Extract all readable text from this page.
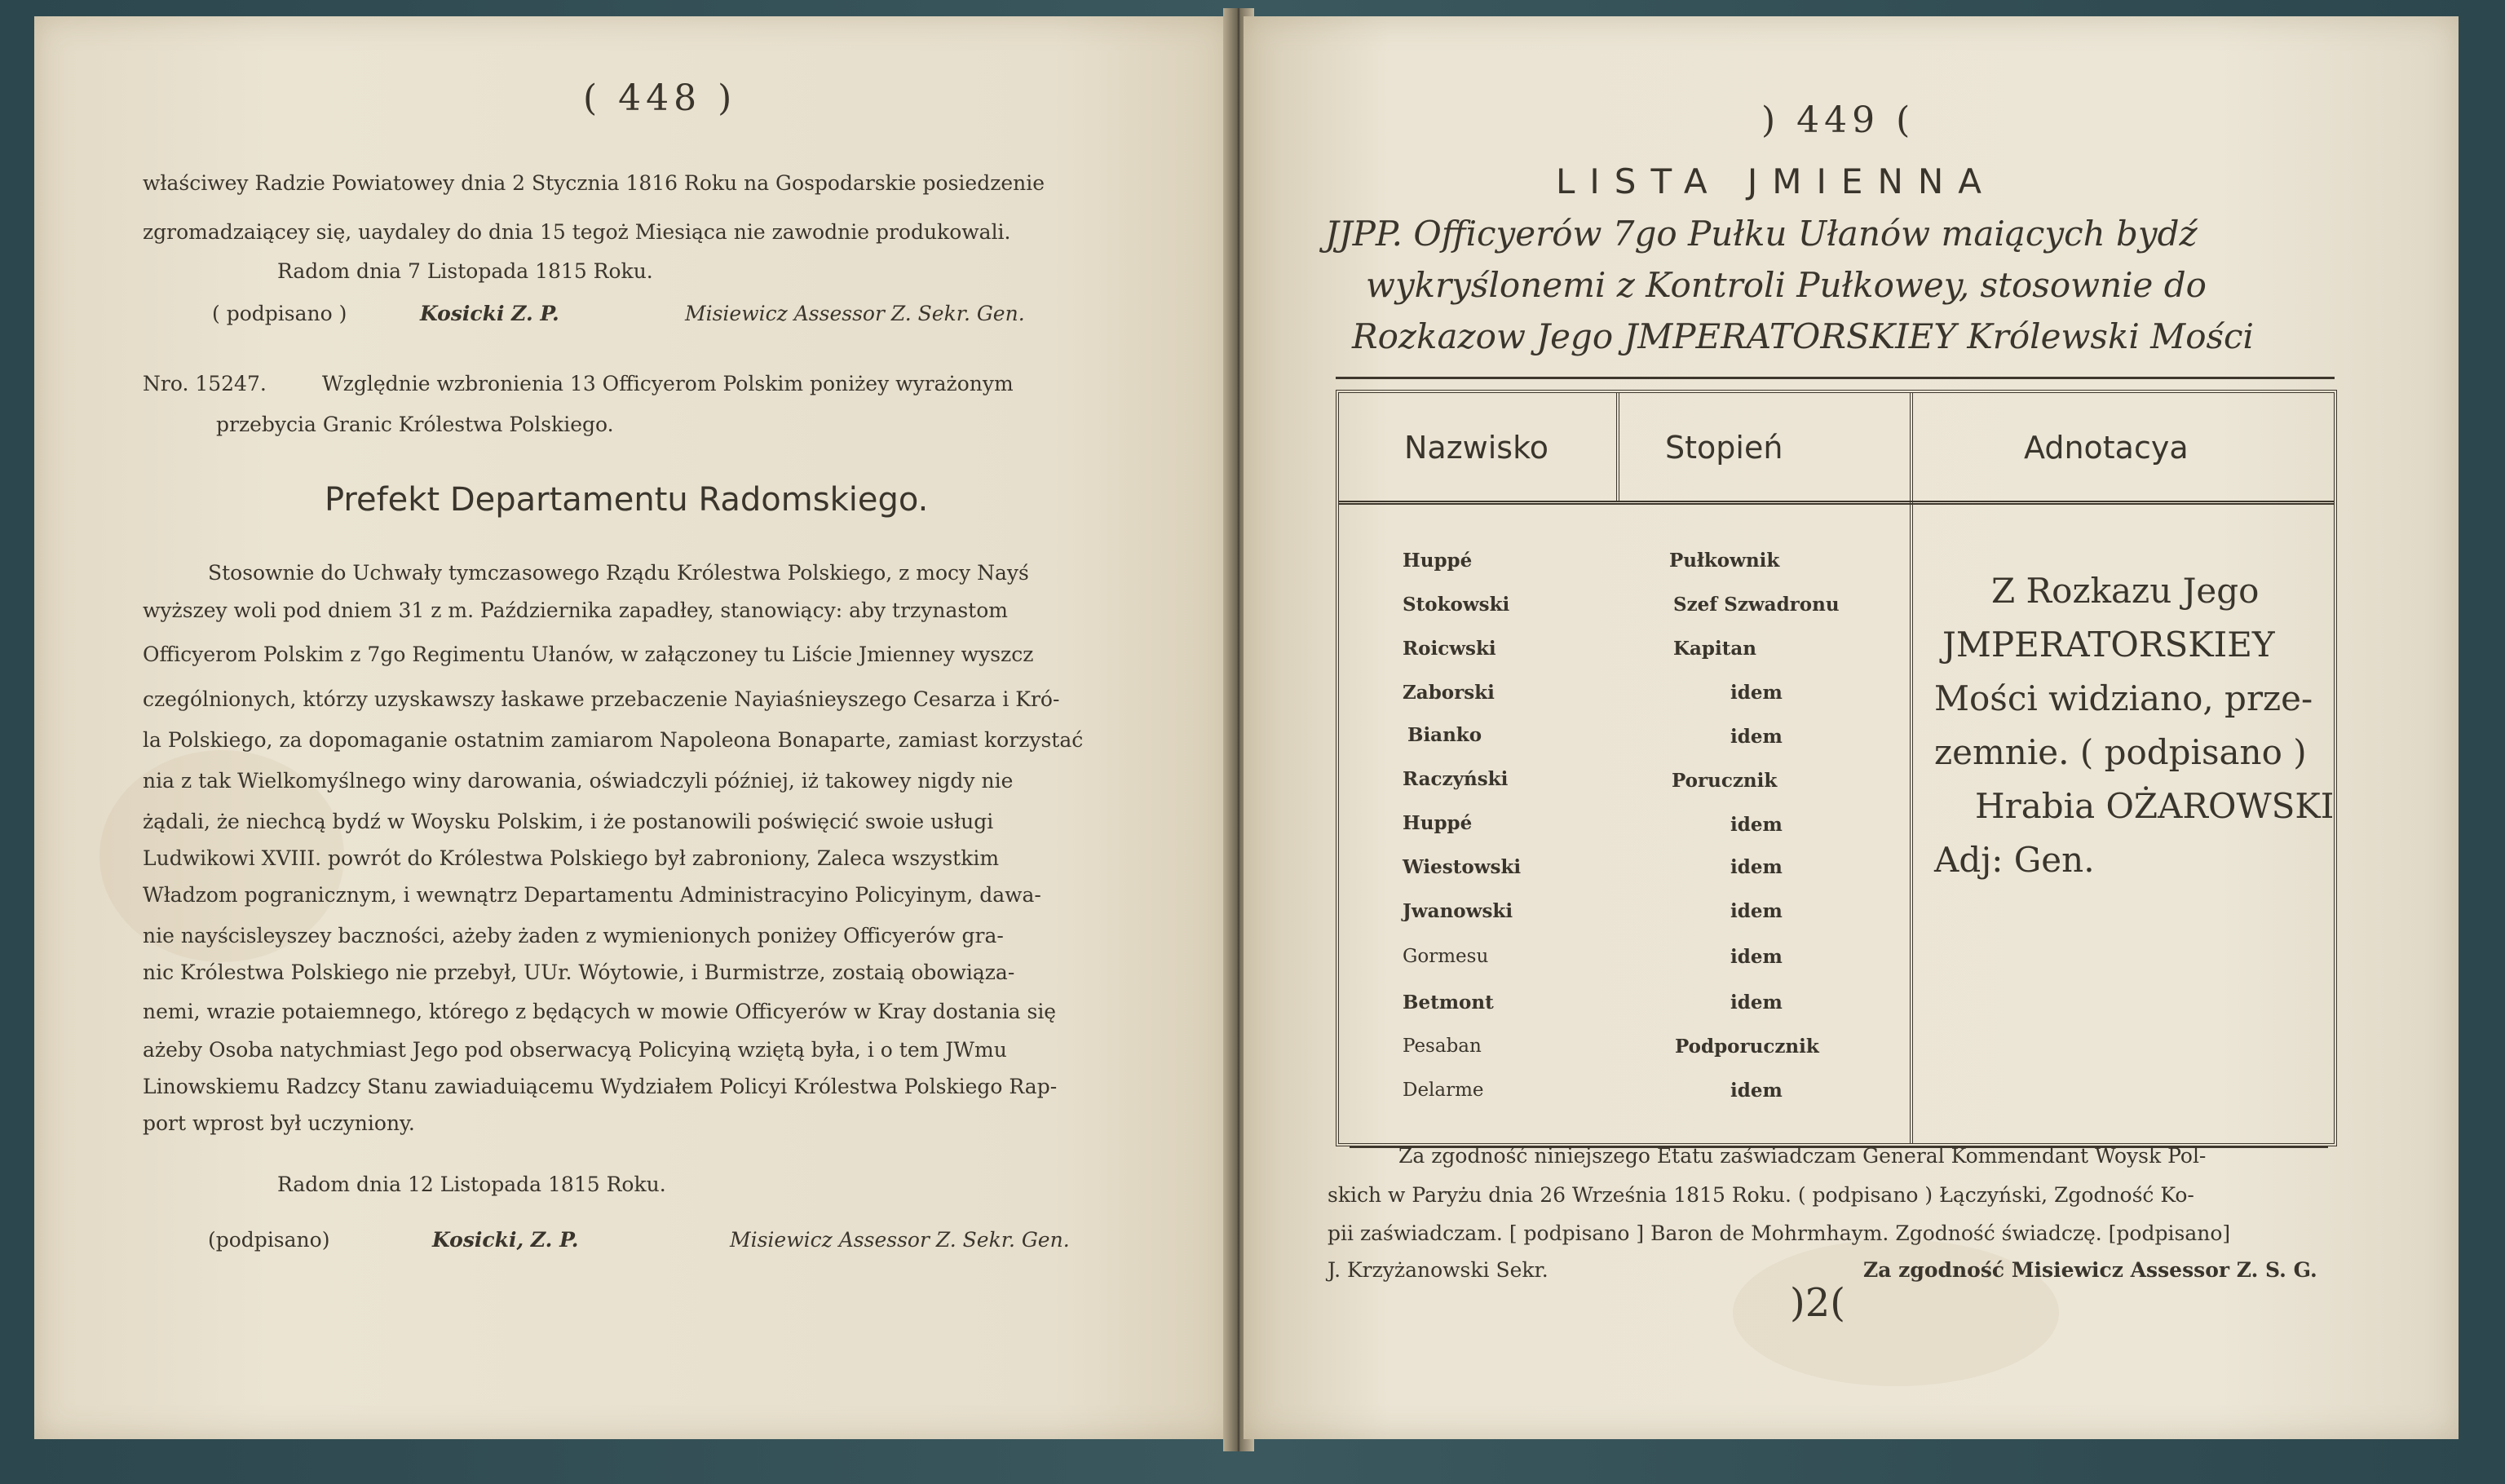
( 448 )
właściwey Radzie Powiatowey dnia 2 Stycznia 1816 Roku na Gospodarskie posiedzenie
zgromadzaiącey się, uaydaley do dnia 15 tegoż Miesiąca nie zawodnie produkowali.
Radom dnia 7 Listopada 1815 Roku.
( podpisano )	Kosicki Z. P.	Misiewicz Assessor Z. Sekr. Gen.
Nro. 15247.	Względnie wzbronienia 13 Officyerom Polskim poniżey wyrażonym
przebycia Granic Królestwa Polskiego.
Prefekt Departamentu Radomskiego.
Stosownie do Uchwały tymczasowego Rządu Królestwa Polskiego, z mocy Nayś
wyższey woli pod dniem 31 z m. Października zapadłey, stanowiący: aby trzynastom
Officyerom Polskim z 7go Regimentu Ułanów, w załączoney tu Liście Jmienney wyszcz
czególnionych, którzy uzyskawszy łaskawe przebaczenie Nayiaśnieyszego Cesarza i Kró-
la Polskiego, za dopomaganie ostatnim zamiarom Napoleona Bonaparte, zamiast korzystać
nia z tak Wielkomyślnego winy darowania, oświadczyli później, iż takowey nigdy nie
żądali, że niechcą bydź w Woysku Polskim, i że postanowili poświęcić swoie usługi
Ludwikowi XVIII. powrót do Królestwa Polskiego był zabroniony, Zaleca wszystkim
Władzom pogranicznym, i wewnątrz Departamentu Administracyino Policyinym, dawa-
nie nayścisleyszey baczności, ażeby żaden z wymienionych poniżey Officyerów gra-
nic Królestwa Polskiego nie przebył, UUr. Wóytowie, i Burmistrze, zostaią obowiąza-
nemi, wrazie potaiemnego, którego z będących w mowie Officyerów w Kray dostania się
ażeby Osoba natychmiast Jego pod obserwacyą Policyiną wziętą była, i o tem JWmu
Linowskiemu Radzcy Stanu zawiaduiącemu Wydziałem Policyi Królestwa Polskiego Rap-
port wprost był uczyniony.
Radom dnia 12 Listopada 1815 Roku.
(podpisano)	Kosicki, Z. P.	Misiewicz Assessor Z. Sekr. Gen.
) 449 (
LISTA JMIENNA
JJPP. Officyerów 7go Pułku Ułanów maiących bydź
wykryślonemi z Kontroli Pułkowey, stosownie do
Rozkazow Jego JMPERATORSKIEY Królewski Mości
Nazwisko	Stopień	Adnotacya
Huppé	Pułkownik
Stokowski	Szef Szwadronu
Roicwski	Kapitan
Zaborski	idem
Bianko	idem
Raczyński	Porucznik
Huppé	idem
Wiestowski	idem
Jwanowski	idem
Gormesu	idem
Betmont	idem
Pesaban	Podporucznik
Delarme	idem
Z Rozkazu Jego
JMPERATORSKIEY
Mości widziano, prze-
zemnie. ( podpisano )
Hrabia OŻAROWSKI
Adj: Gen.
Za zgodność niniejszego Etatu zaświadczam General Kommendant Woysk Pol-
skich w Paryżu dnia 26 Września 1815 Roku. ( podpisano ) Łączyński, Zgodność Ko-
pii zaświadczam. [ podpisano ] Baron de Mohrmhaym. Zgodność świadczę. [podpisano]
J. Krzyżanowski Sekr.	Za zgodność Misiewicz Assessor Z. S. G.
)2(
